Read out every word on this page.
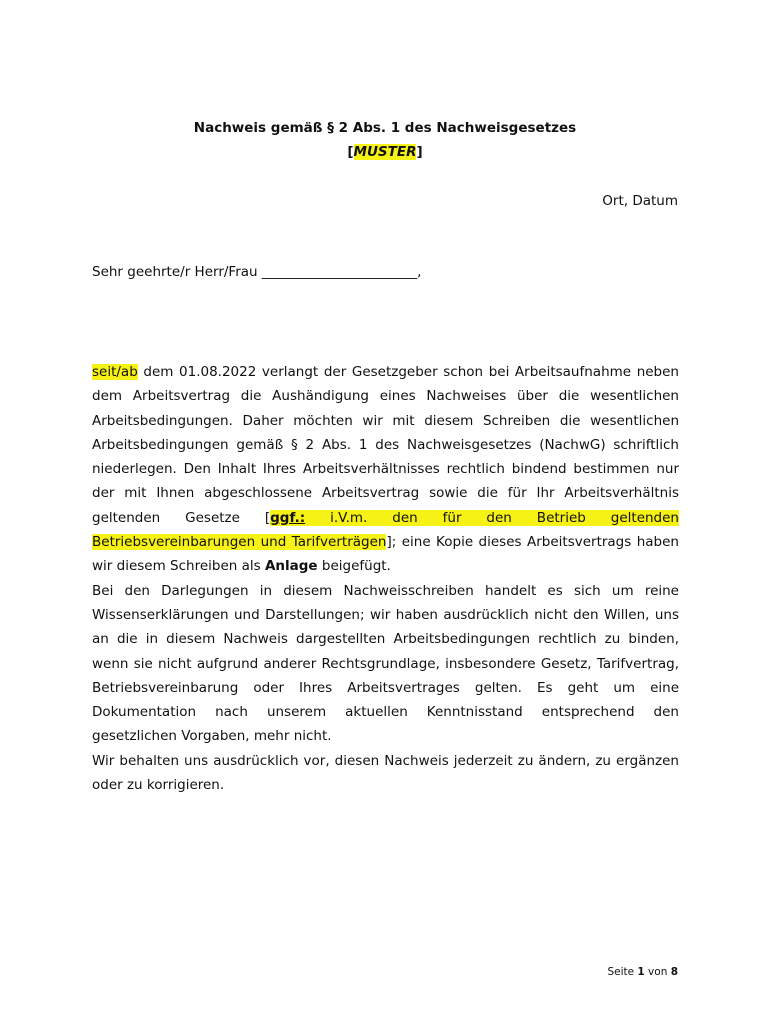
Nachweis gemäß § 2 Abs. 1 des Nachweisgesetzes
[MUSTER]
Ort, Datum
Sehr geehrte/r Herr/Frau _______________________,

seit/ab dem 01.08.2022 verlangt der Gesetzgeber schon bei Arbeitsaufnahme neben dem Arbeitsvertrag die Aushändigung eines Nachweises über die wesentlichen Arbeitsbedingungen. Daher möchten wir mit diesem Schreiben die wesentlichen Arbeitsbedingungen gemäß § 2 Abs. 1 des Nachweisgesetzes (NachwG) schriftlich niederlegen. Den Inhalt Ihres Arbeitsverhältnisses rechtlich bindend bestimmen nur der mit Ihnen abgeschlossene Arbeitsvertrag sowie die für Ihr Arbeitsverhältnis geltenden Gesetze [ggf.: i.V.m. den für den Betrieb geltenden Betriebsvereinbarungen und Tarifverträgen]; eine Kopie dieses Arbeitsvertrags haben wir diesem Schreiben als Anlage beigefügt.

Bei den Darlegungen in diesem Nachweisschreiben handelt es sich um reine Wissenserklärungen und Darstellungen; wir haben ausdrücklich nicht den Willen, uns an die in diesem Nachweis dargestellten Arbeitsbedingungen rechtlich zu binden, wenn sie nicht aufgrund anderer Rechtsgrundlage, insbesondere Gesetz, Tarifvertrag, Betriebsvereinbarung oder Ihres Arbeitsvertrages gelten. Es geht um eine Dokumentation nach unserem aktuellen Kenntnisstand entsprechend den gesetzlichen Vorgaben, mehr nicht.

Wir behalten uns ausdrücklich vor, diesen Nachweis jederzeit zu ändern, zu ergänzen oder zu korrigieren.

Seite 1 von 8
